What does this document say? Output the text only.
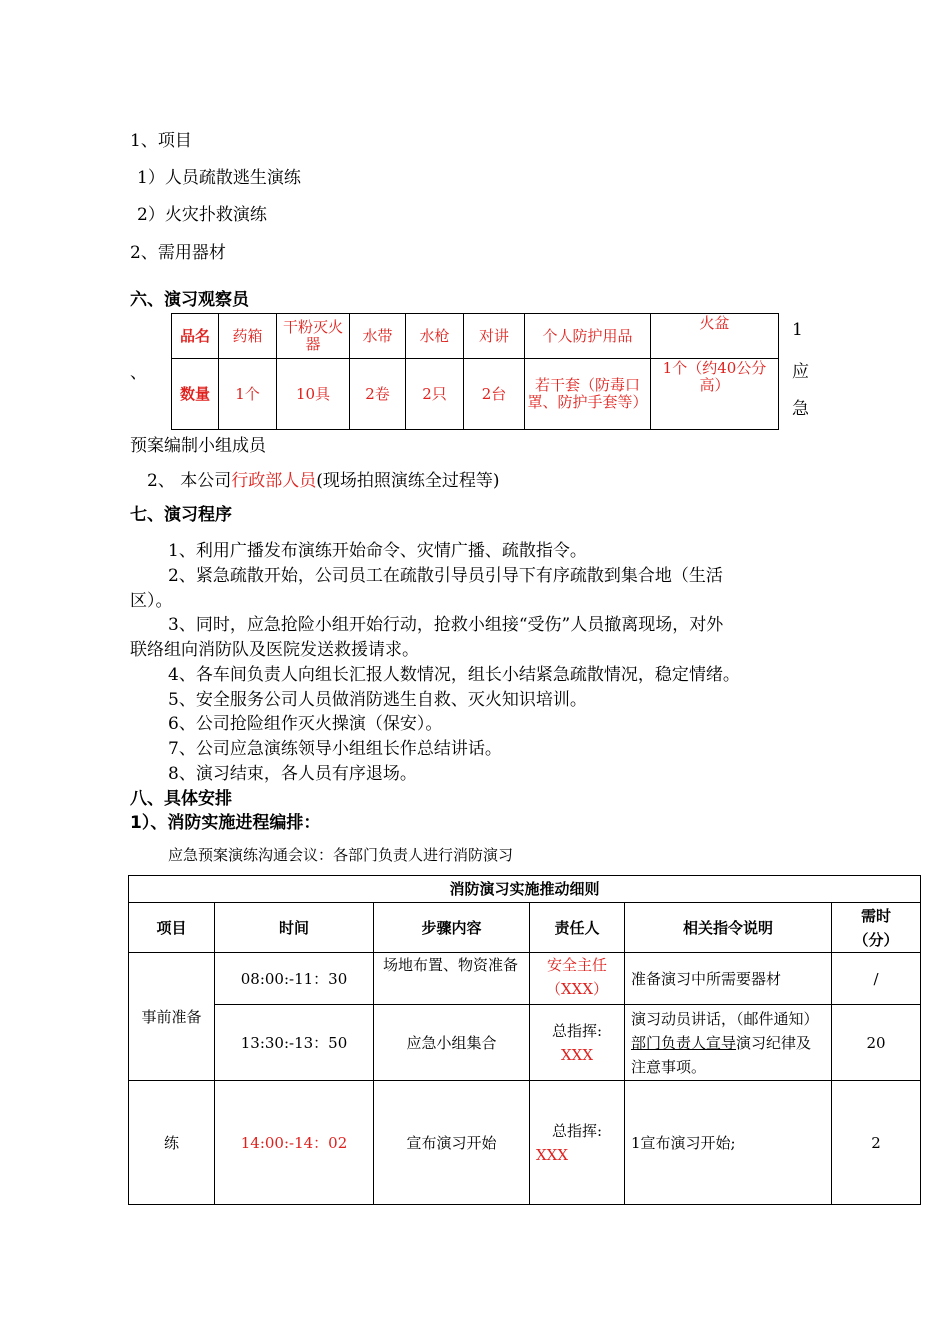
1、项目
1）人员疏散逃生演练
2）火灾扑救演练
2、需用器材
六、演习观察员
、
品名	药箱	干粉灭火器	水带	水枪	对讲	个人防护用品	火盆
数量	1个	10具	2卷	2只	2台	若干套（防毒口罩、防护手套等）	1个（约40公分高）
1
应
急
预案编制小组成员
2、 本公司行政部人员(现场拍照演练全过程等)
七、演习程序
1、利用广播发布演练开始命令、灾情广播、疏散指令。
2、紧急疏散开始，公司员工在疏散引导员引导下有序疏散到集合地（生活
区）。
3、同时，应急抢险小组开始行动，抢救小组接“受伤”人员撤离现场，对外
联络组向消防队及医院发送救援请求。
4、各车间负责人向组长汇报人数情况，组长小结紧急疏散情况，稳定情绪。
5、安全服务公司人员做消防逃生自救、灭火知识培训。
6、公司抢险组作灭火操演（保安）。
7、公司应急演练领导小组组长作总结讲话。
8、演习结束，各人员有序退场。
八、具体安排
1）、消防实施进程编排：
应急预案演练沟通会议：各部门负责人进行消防演习
消防演习实施推动细则					
项目	时间	步骤内容	责任人	相关指令说明	需时（分）
事前准备	08:00:-11：30	场地布置、物资准备	安全主任
（XXX）	准备演习中所需要器材	/
	13:30:-13：50	应急小组集合	总指挥:
XXX	演习动员讲话，（邮件通知）部门负责人宣导演习纪律及注意事项。	20
练	14:00:-14：02	宣布演习开始	总指挥:
XXX	1宣布演习开始;	2
